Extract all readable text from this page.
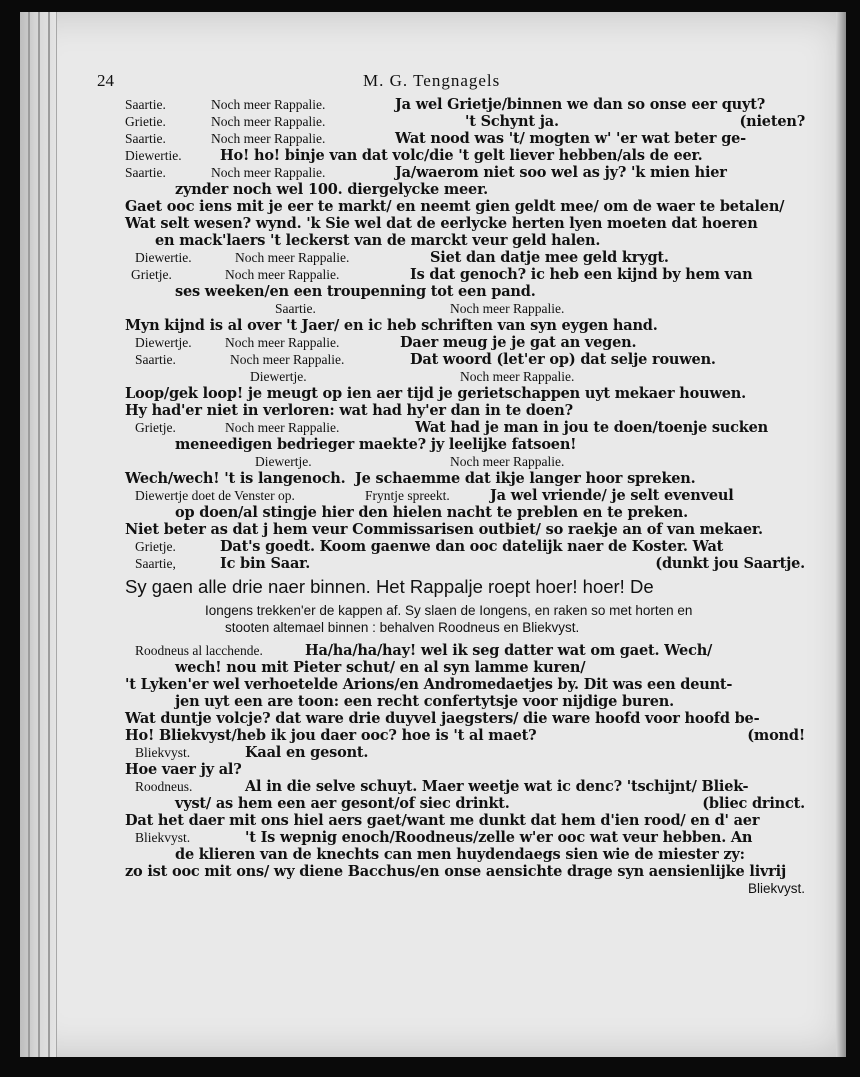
24	M. G. Tengnagels
Saartie.	Noch meer Rappalie.	Ja wel Grietje/binnen we dan so onse eer quyt?
Grietie.	Noch meer Rappalie.	't Schynt ja.	(nieten?
Saartie.	Noch meer Rappalie.	Wat nood was 't/ mogten w' 'er wat beter ge-
Diewertie.	Ho! ho! binje van dat volc/die 't gelt liever hebben/als de eer.
Saartie.	Noch meer Rappalie.	Ja/waerom niet soo wel as jy? 'k mien hier
zynder noch wel 100. diergelycke meer.
Gaet ooc iens mit je eer te markt/ en neemt gien geldt mee/ om de waer te betalen/
Wat selt wesen? wynd. 'k Sie wel dat de eerlycke herten lyen moeten dat hoeren
en mack'laers 't leckerst van de marckt veur geld halen.
Diewertie.	Noch meer Rappalie.	Siet dan datje mee geld krygt.
Grietje.	Noch meer Rappalie.	Is dat genoch? ic heb een kijnd by hem van
ses weeken/en een troupenning tot een pand.
Saartie.	Noch meer Rappalie.
Myn kijnd is al over 't Jaer/ en ic heb schriften van syn eygen hand.
Diewertje. Noch meer Rappalie.	Daer meug je je gat an vegen.
Saartie.	Noch meer Rappalie.	Dat woord (let'er op) dat selje rouwen.
Diewertje.	Noch meer Rappalie.
Loop/gek loop! je meugt op ien aer tijd je gerietschappen uyt mekaer houwen.
Hy had'er niet in verloren: wat had hy'er dan in te doen?
Grietje.	Noch meer Rappalie.	Wat had je man in jou te doen/toenje sucken
meneedigen bedrieger maekte? jy leelijke fatsoen!
Diewertje.	Noch meer Rappalie.
Wech/wech! 't is langenoch. Je schaemme dat ikje langer hoor spreken.
Diewertje doet de Venster op.	Fryntje spreekt.	Ja wel vriende/ je selt evenveul
op doen/al stingje hier den hielen nacht te preblen en te preken.
Niet beter as dat j hem veur Commissarisen outbiet/ so raekje an of van mekaer.
Grietje.	Dat's goedt. Koom gaenwe dan ooc datelijk naer de Koster. Wat
Saartie,	Ic bin Saar.	(dunkt jou Saartje.
Sy gaen alle drie naer binnen. Het Rappalje roept hoer! hoer! De
Iongens trekken'er de kappen af. Sy slaen de Iongens, en raken so met horten en
stooten altemael binnen : behalven Roodneus en Bliekvyst.
Roodneus al lacchende.	Ha/ha/ha/hay! wel ik seg datter wat om gaet. Wech/
wech! nou mit Pieter schut/ en al syn lamme kuren/
't Lyken'er wel verhoetelde Arions/en Andromedaetjes by. Dit was een deunt-
jen uyt een are toon: een recht confertytsje voor nijdige buren.
Wat duntje volcje? dat ware drie duyvel jaegsters/ die ware hoofd voor hoofd be-
Ho! Bliekvyst/heb ik jou daer ooc? hoe is 't al maet?	(mond!
Bliekvyst.	Kaal en gesont.
Hoe vaer jy al?
Roodneus.	Al in die selve schuyt. Maer weetje wat ic denc? 'tschijnt/ Bliek-
vyst/ as hem een aer gesont/of siec drinkt.	(bliec drinct.
Dat het daer mit ons hiel aers gaet/want me dunkt dat hem d'ien rood/ en d' aer
Bliekvyst.	't Is wepnig enoch/Roodneus/zelle w'er ooc wat veur hebben. An
de klieren van de knechts can men huydendaegs sien wie de miester zy:
zo ist ooc mit ons/ wy diene Bacchus/en onse aensichte drage syn aensienlijke livrij
Bliekvyst.
